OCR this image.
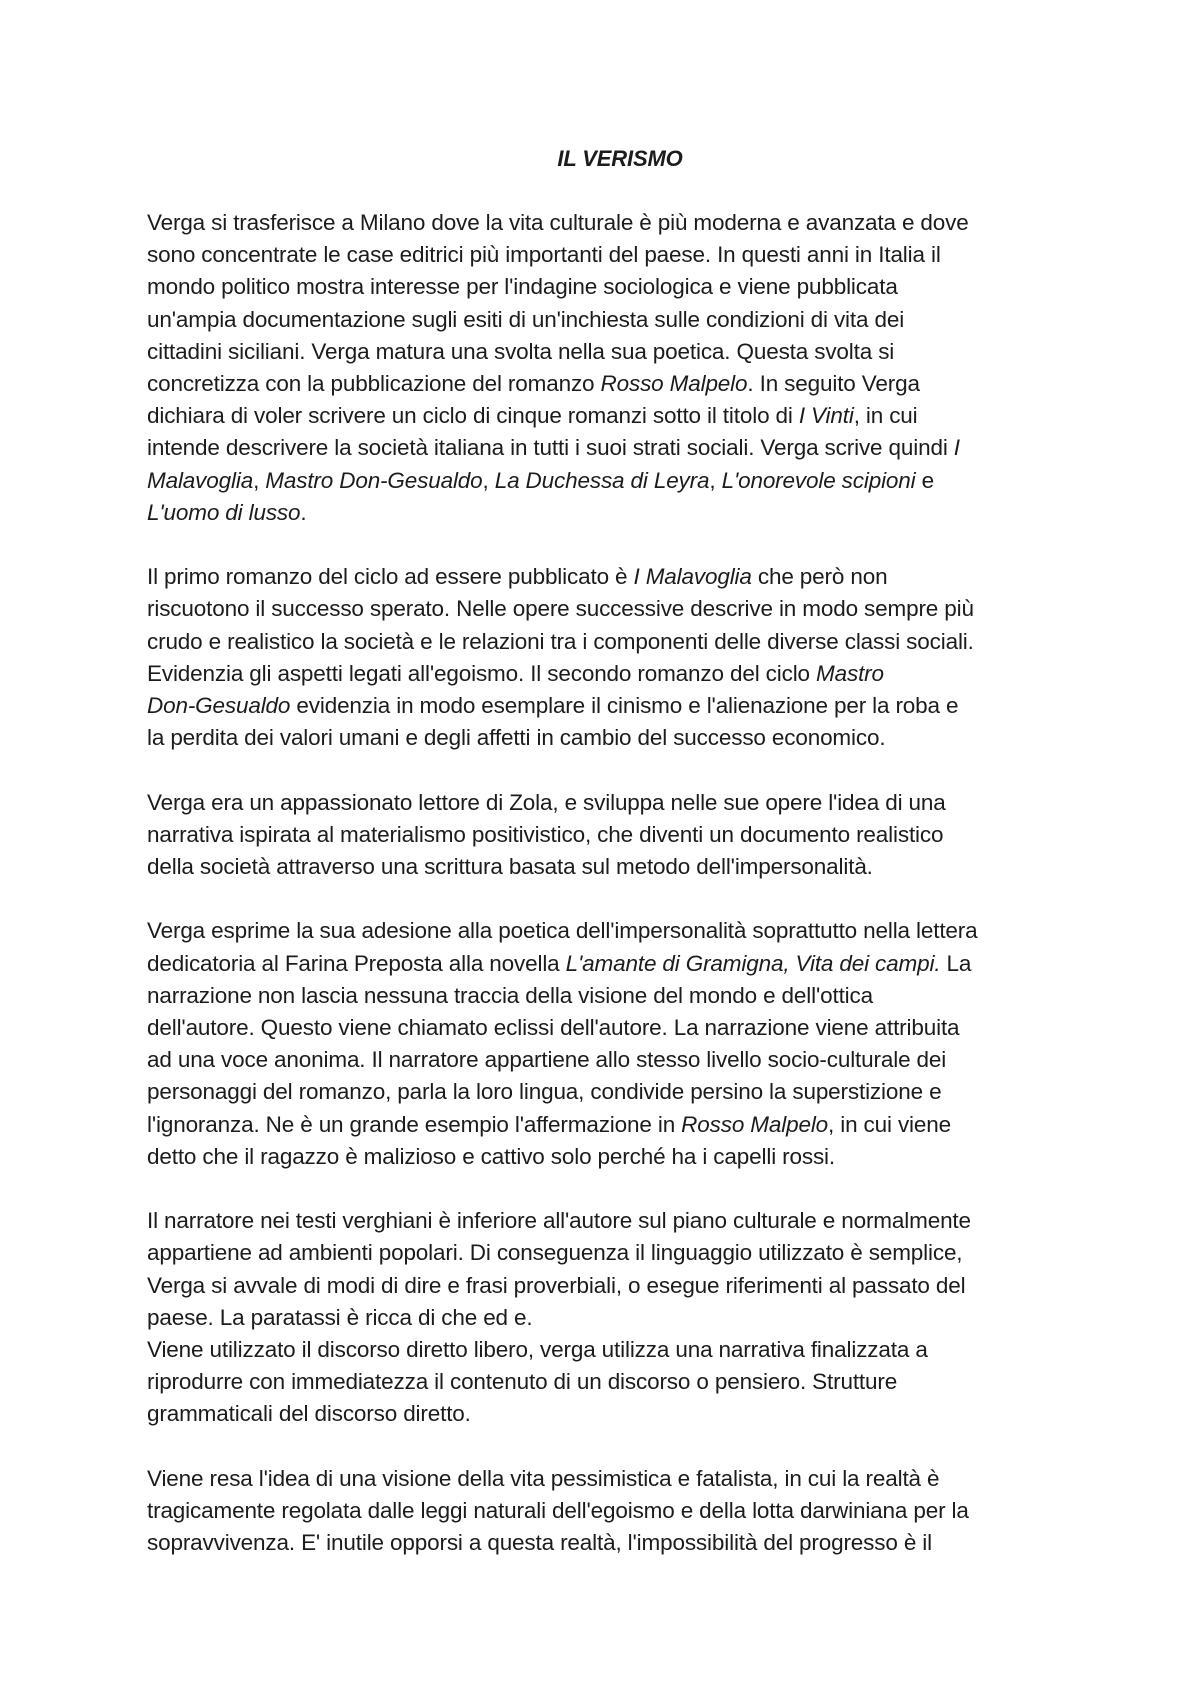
IL VERISMO
Verga si trasferisce a Milano dove la vita culturale è più moderna e avanzata e dove
sono concentrate le case editrici più importanti del paese. In questi anni in Italia il
mondo politico mostra interesse per l'indagine sociologica e viene pubblicata
un'ampia documentazione sugli esiti di un'inchiesta sulle condizioni di vita dei
cittadini siciliani. Verga matura una svolta nella sua poetica. Questa svolta si
concretizza con la pubblicazione del romanzo Rosso Malpelo. In seguito Verga
dichiara di voler scrivere un ciclo di cinque romanzi sotto il titolo di I Vinti, in cui
intende descrivere la società italiana in tutti i suoi strati sociali. Verga scrive quindi I
Malavoglia, Mastro Don-Gesualdo, La Duchessa di Leyra, L'onorevole scipioni e
L'uomo di lusso.
Il primo romanzo del ciclo ad essere pubblicato è I Malavoglia che però non
riscuotono il successo sperato. Nelle opere successive descrive in modo sempre più
crudo e realistico la società e le relazioni tra i componenti delle diverse classi sociali.
Evidenzia gli aspetti legati all'egoismo. Il secondo romanzo del ciclo Mastro
Don-Gesualdo evidenzia in modo esemplare il cinismo e l'alienazione per la roba e
la perdita dei valori umani e degli affetti in cambio del successo economico.
Verga era un appassionato lettore di Zola, e sviluppa nelle sue opere l'idea di una
narrativa ispirata al materialismo positivistico, che diventi un documento realistico
della società attraverso una scrittura basata sul metodo dell'impersonalità.
Verga esprime la sua adesione alla poetica dell'impersonalità soprattutto nella lettera
dedicatoria al Farina Preposta alla novella L'amante di Gramigna, Vita dei campi. La
narrazione non lascia nessuna traccia della visione del mondo e dell'ottica
dell'autore. Questo viene chiamato eclissi dell'autore. La narrazione viene attribuita
ad una voce anonima. Il narratore appartiene allo stesso livello socio-culturale dei
personaggi del romanzo, parla la loro lingua, condivide persino la superstizione e
l'ignoranza. Ne è un grande esempio l'affermazione in Rosso Malpelo, in cui viene
detto che il ragazzo è malizioso e cattivo solo perché ha i capelli rossi.
Il narratore nei testi verghiani è inferiore all'autore sul piano culturale e normalmente
appartiene ad ambienti popolari. Di conseguenza il linguaggio utilizzato è semplice,
Verga si avvale di modi di dire e frasi proverbiali, o esegue riferimenti al passato del
paese. La paratassi è ricca di che ed e.
Viene utilizzato il discorso diretto libero, verga utilizza una narrativa finalizzata a
riprodurre con immediatezza il contenuto di un discorso o pensiero. Strutture
grammaticali del discorso diretto.
Viene resa l'idea di una visione della vita pessimistica e fatalista, in cui la realtà è
tragicamente regolata dalle leggi naturali dell'egoismo e della lotta darwiniana per la
sopravvivenza. E' inutile opporsi a questa realtà, l'impossibilità del progresso è il
